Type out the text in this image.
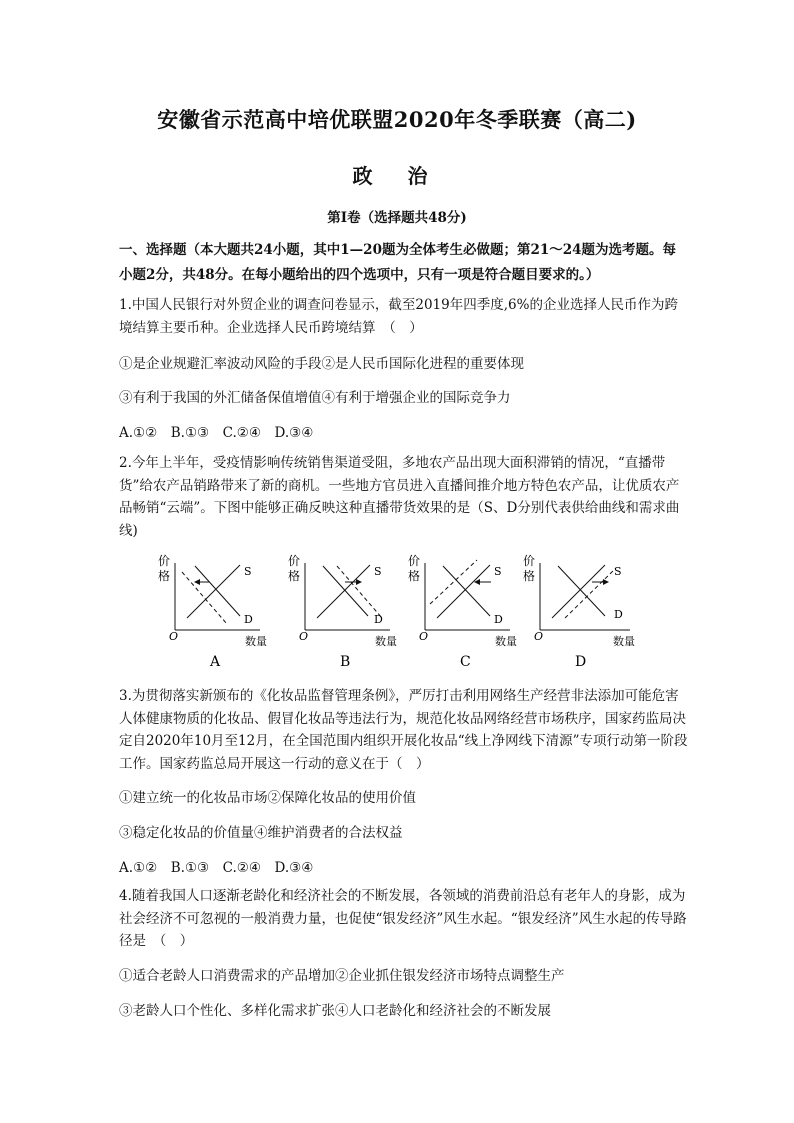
安徽省示范高中培优联盟2020年冬季联赛（高二)
政 治
第I卷（选择题共48分)
一、选择题（本大题共24小题，其中1—20题为全体考生必做题；第21～24题为选考题。每小题2分，共48分。在每小题给出的四个选项中，只有一项是符合题目要求的。）
1.中国人民银行对外贸企业的调查问卷显示，截至2019年四季度,6%的企业选择人民币作为跨境结算主要币种。企业选择人民币跨境结算　（　）
①是企业规避汇率波动风险的手段②是人民币国际化进程的重要体现
③有利于我国的外汇储备保值增值④有利于增强企业的国际竞争力
A.①②　B.①③　C.②④　D.③④
2.今年上半年，受疫情影响传统销售渠道受阻，多地农产品出现大面积滞销的情况，“直播带货”给农产品销路带来了新的商机。一些地方官员进入直播间推介地方特色农产品，让优质农产品畅销“云端”。下图中能够正确反映这种直播带货效果的是（S、D分别代表供给曲线和需求曲线)
价
格
O	数量
S
D
A
价
格
O	数量
S
D
B
价
格
O	数量
S
D
C
价
格
O	数量
S
D
D
3.为贯彻落实新颁布的《化妆品监督管理条例》，严厉打击利用网络生产经营非法添加可能危害人体健康物质的化妆品、假冒化妆品等违法行为，规范化妆品网络经营市场秩序，国家药监局决定自2020年10月至12月，在全国范围内组织开展化妆品“线上净网线下清源”专项行动第一阶段工作。国家药监总局开展这一行动的意义在于（　）
①建立统一的化妆品市场②保障化妆品的使用价值
③稳定化妆品的价值量④维护消费者的合法权益
A.①②　B.①③　C.②④　D.③④
4.随着我国人口逐渐老龄化和经济社会的不断发展，各领域的消费前沿总有老年人的身影，成为社会经济不可忽视的一般消费力量，也促使“银发经济”风生水起。“银发经济”风生水起的传导路径是　（　）
①适合老龄人口消费需求的产品增加②企业抓住银发经济市场特点调整生产
③老龄人口个性化、多样化需求扩张④人口老龄化和经济社会的不断发展
